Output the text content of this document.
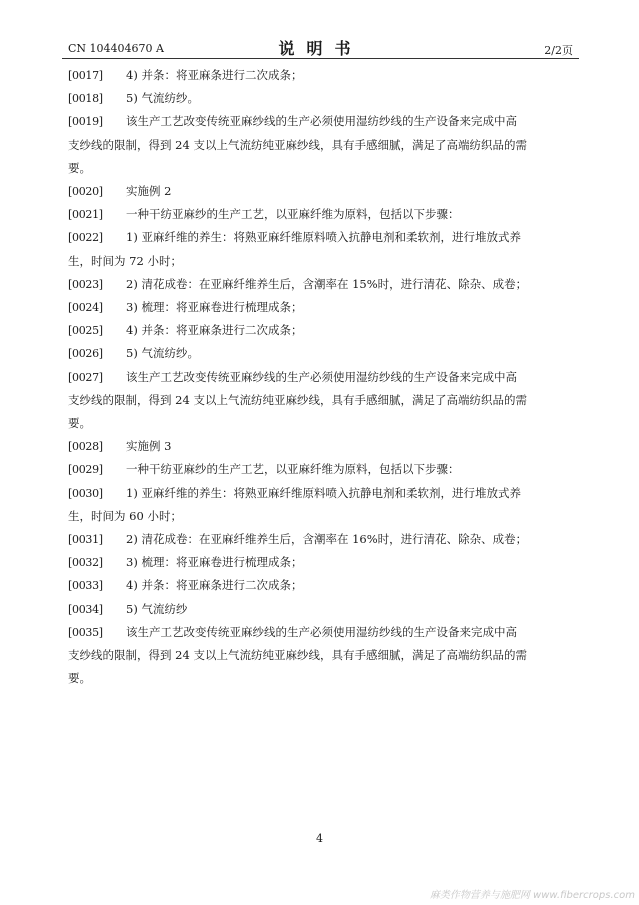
CN 104404670 A	说明书	2/2页
[0017]	4) 并条：将亚麻条进行二次成条；
[0018]	5) 气流纺纱。
[0019]	该生产工艺改变传统亚麻纱线的生产必须使用湿纺纱线的生产设备来完成中高
支纱线的限制，得到 24 支以上气流纺纯亚麻纱线，具有手感细腻，满足了高端纺织品的需
要。
[0020]	实施例 2
[0021]	一种干纺亚麻纱的生产工艺，以亚麻纤维为原料，包括以下步骤：
[0022]	1) 亚麻纤维的养生：将熟亚麻纤维原料喷入抗静电剂和柔软剂，进行堆放式养
生，时间为 72 小时；
[0023]	2) 清花成卷：在亚麻纤维养生后，含潮率在 15%时，进行清花、除杂、成卷；
[0024]	3) 梳理：将亚麻卷进行梳理成条；
[0025]	4) 并条：将亚麻条进行二次成条；
[0026]	5) 气流纺纱。
[0027]	该生产工艺改变传统亚麻纱线的生产必须使用湿纺纱线的生产设备来完成中高
支纱线的限制，得到 24 支以上气流纺纯亚麻纱线，具有手感细腻，满足了高端纺织品的需
要。
[0028]	实施例 3
[0029]	一种干纺亚麻纱的生产工艺，以亚麻纤维为原料，包括以下步骤：
[0030]	1) 亚麻纤维的养生：将熟亚麻纤维原料喷入抗静电剂和柔软剂，进行堆放式养
生，时间为 60 小时；
[0031]	2) 清花成卷：在亚麻纤维养生后，含潮率在 16%时，进行清花、除杂、成卷；
[0032]	3) 梳理：将亚麻卷进行梳理成条；
[0033]	4) 并条：将亚麻条进行二次成条；
[0034]	5) 气流纺纱
[0035]	该生产工艺改变传统亚麻纱线的生产必须使用湿纺纱线的生产设备来完成中高
支纱线的限制，得到 24 支以上气流纺纯亚麻纱线，具有手感细腻，满足了高端纺织品的需
要。
4
麻类作物营养与施肥网 www.fibercrops.com
